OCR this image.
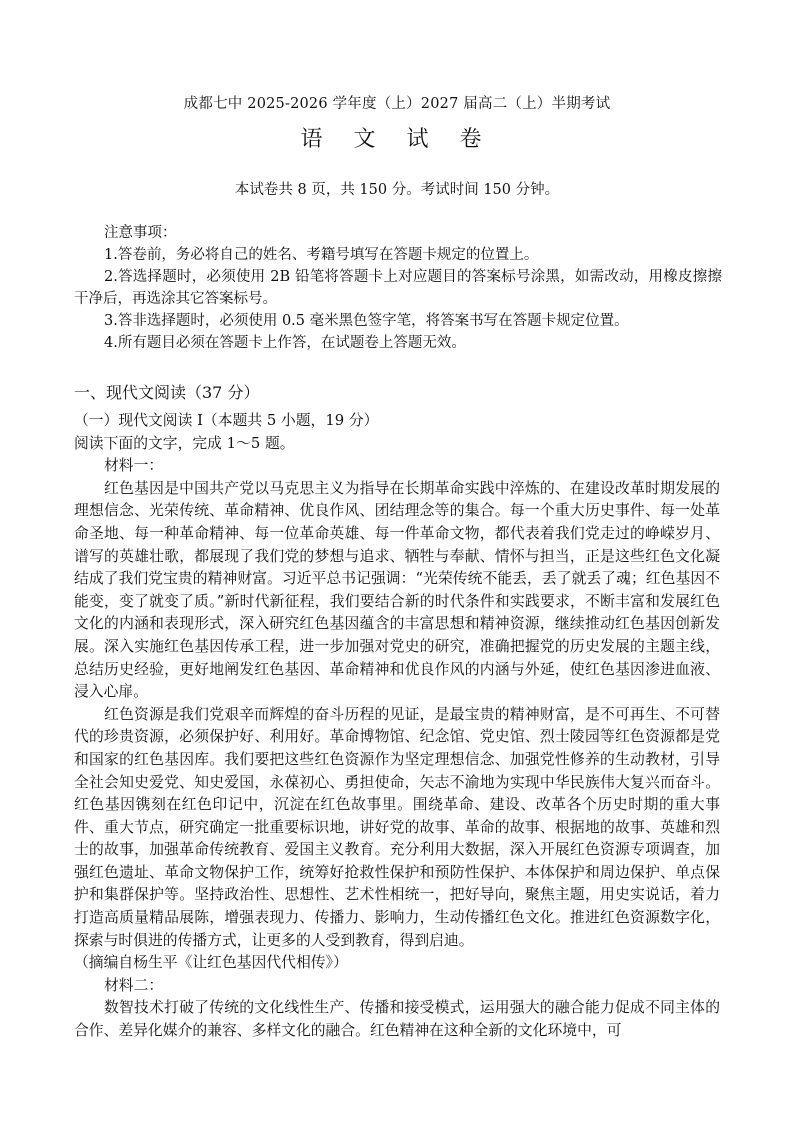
成都七中 2025-2026 学年度（上）2027 届高二（上）半期考试
语 文 试 卷
本试卷共 8 页，共 150 分。考试时间 150 分钟。

注意事项：

1.答卷前，务必将自己的姓名、考籍号填写在答题卡规定的位置上。

2.答选择题时，必须使用 2B 铅笔将答题卡上对应题目的答案标号涂黑，如需改动，用橡皮擦擦干净后，再选涂其它答案标号。

3.答非选择题时，必须使用 0.5 毫米黑色签字笔，将答案书写在答题卡规定位置。

4.所有题目必须在答题卡上作答，在试题卷上答题无效。

一、现代文阅读（37 分）

（一）现代文阅读 I（本题共 5 小题，19 分）

阅读下面的文字，完成 1～5 题。

材料一：

红色基因是中国共产党以马克思主义为指导在长期革命实践中淬炼的、在建设改革时期发展的理想信念、光荣传统、革命精神、优良作风、团结理念等的集合。每一个重大历史事件、每一处革命圣地、每一种革命精神、每一位革命英雄、每一件革命文物，都代表着我们党走过的峥嵘岁月、谱写的英雄壮歌，都展现了我们党的梦想与追求、牺牲与奉献、情怀与担当，正是这些红色文化凝结成了我们党宝贵的精神财富。习近平总书记强调：“光荣传统不能丢，丢了就丢了魂；红色基因不能变，变了就变了质。”新时代新征程，我们要结合新的时代条件和实践要求，不断丰富和发展红色文化的内涵和表现形式，深入研究红色基因蕴含的丰富思想和精神资源，继续推动红色基因创新发展。深入实施红色基因传承工程，进一步加强对党史的研究，准确把握党的历史发展的主题主线，总结历史经验，更好地阐发红色基因、革命精神和优良作风的内涵与外延，使红色基因渗进血液、浸入心扉。

红色资源是我们党艰辛而辉煌的奋斗历程的见证，是最宝贵的精神财富，是不可再生、不可替代的珍贵资源，必须保护好、利用好。革命博物馆、纪念馆、党史馆、烈士陵园等红色资源都是党和国家的红色基因库。我们要把这些红色资源作为坚定理想信念、加强党性修养的生动教材，引导全社会知史爱党、知史爱国，永葆初心、勇担使命，矢志不渝地为实现中华民族伟大复兴而奋斗。红色基因镌刻在红色印记中，沉淀在红色故事里。围绕革命、建设、改革各个历史时期的重大事件、重大节点，研究确定一批重要标识地，讲好党的故事、革命的故事、根据地的故事、英雄和烈士的故事，加强革命传统教育、爱国主义教育。充分利用大数据，深入开展红色资源专项调查，加强红色遗址、革命文物保护工作，统筹好抢救性保护和预防性保护、本体保护和周边保护、单点保护和集群保护等。坚持政治性、思想性、艺术性相统一，把好导向，聚焦主题，用史实说话，着力打造高质量精品展陈，增强表现力、传播力、影响力，生动传播红色文化。推进红色资源数字化，探索与时俱进的传播方式，让更多的人受到教育，得到启迪。

（摘编自杨生平《让红色基因代代相传》）

材料二：

数智技术打破了传统的文化线性生产、传播和接受模式，运用强大的融合能力促成不同主体的合作、差异化媒介的兼容、多样文化的融合。红色精神在这种全新的文化环境中，可
